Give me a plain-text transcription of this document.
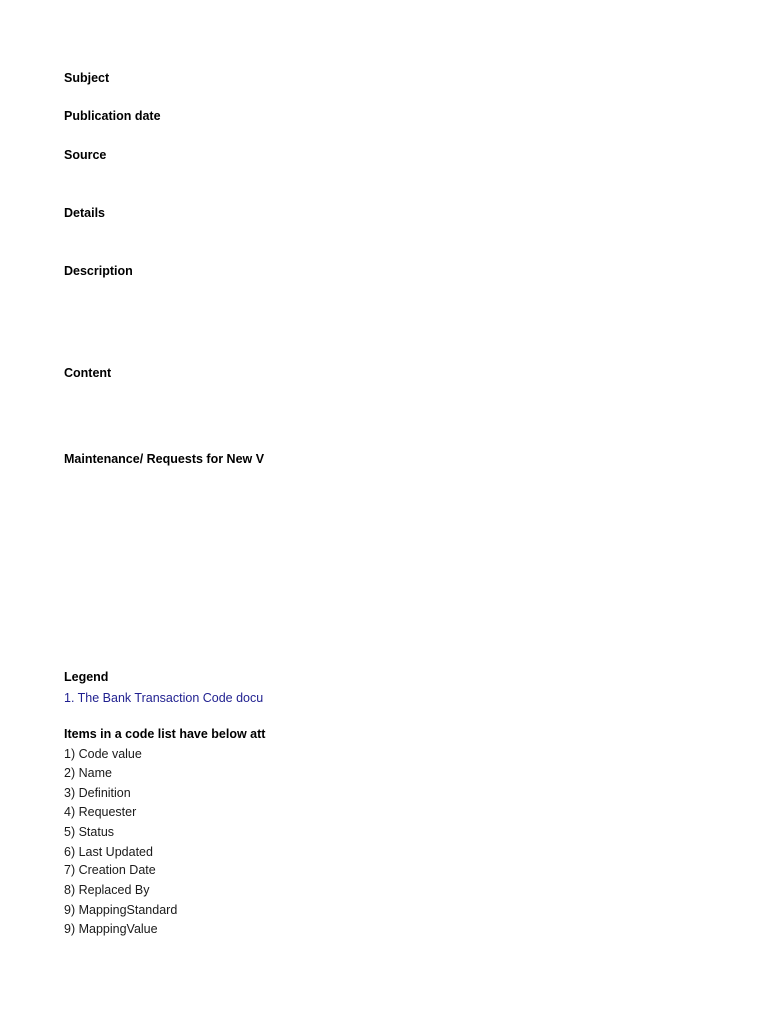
Subject
Publication date
Source
Details
Description
Content
Maintenance/ Requests for New V
Legend
1. The Bank Transaction Code docu
Items in a code list have below att
1) Code value
2) Name
3) Definition
4) Requester
5) Status
6) Last Updated
7) Creation Date
8) Replaced By
9) MappingStandard
9) MappingValue
